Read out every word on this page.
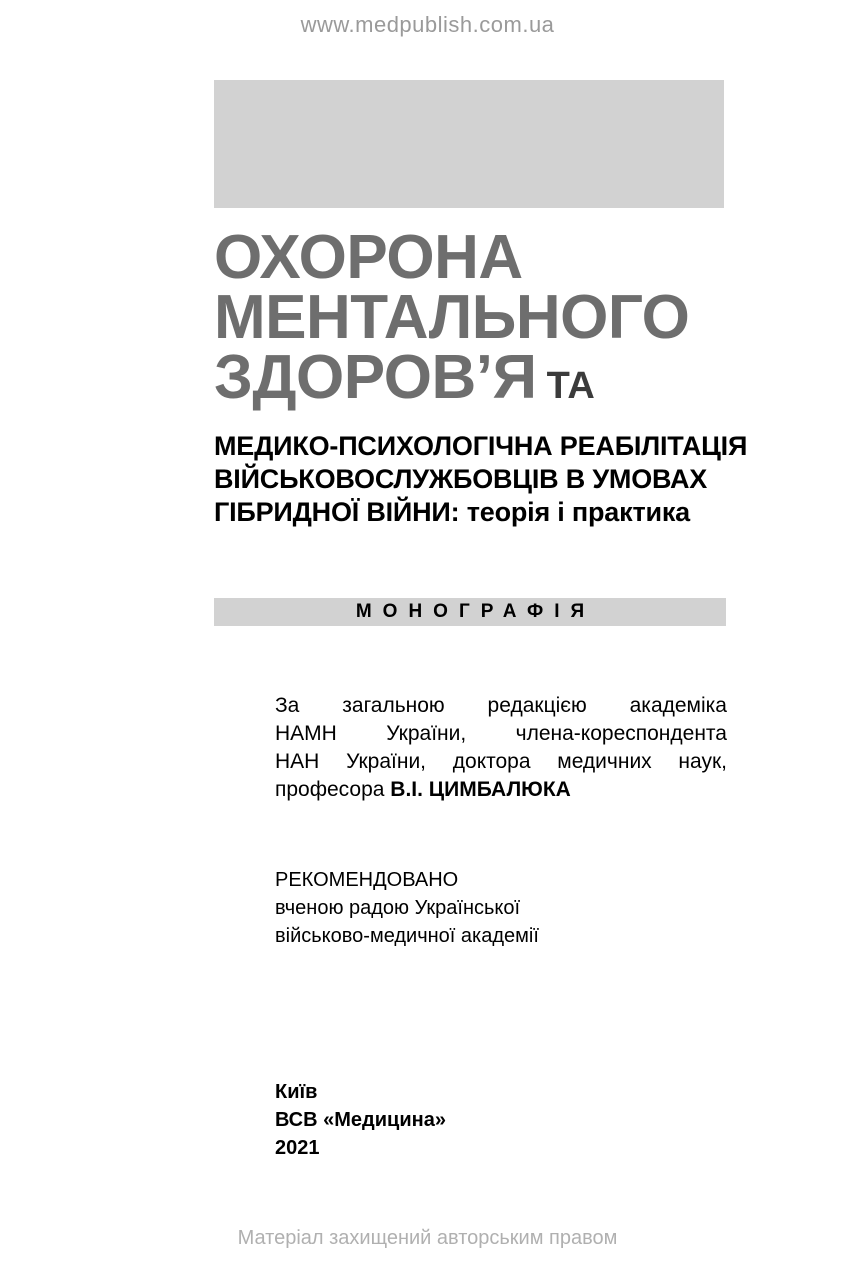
www.medpublish.com.ua
ОХОРОНА
МЕНТАЛЬНОГО
ЗДОРОВ’Я ТА
МЕДИКО-ПСИХОЛОГІЧНА РЕАБІЛІТАЦІЯ
ВІЙСЬКОВОСЛУЖБОВЦІВ В УМОВАХ
ГІБРИДНОЇ ВІЙНИ: теорія і практика
МОНОГРАФІЯ
За загальною редакцією академіка
НАМН України, члена-кореспондента
НАН України, доктора медичних наук,
професора В.І. ЦИМБАЛЮКА
РЕКОМЕНДОВАНО
вченою радою Української
військово-медичної академії
Київ
ВСВ «Медицина»
2021
Матеріал захищений авторським правом
